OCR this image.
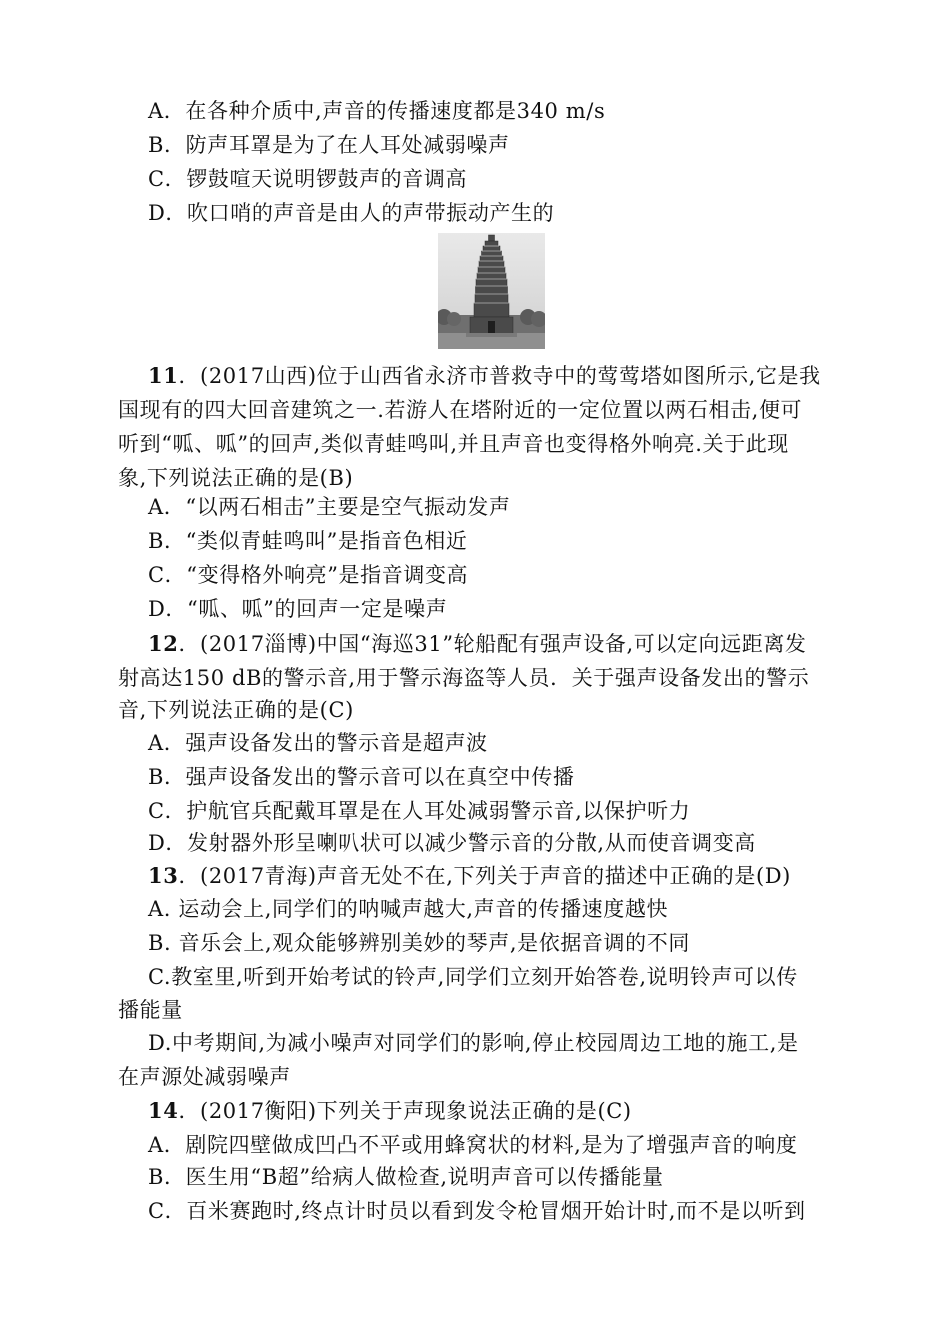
A．在各种介质中,声音的传播速度都是340 m/s
B．防声耳罩是为了在人耳处减弱噪声
C．锣鼓喧天说明锣鼓声的音调高
D．吹口哨的声音是由人的声带振动产生的
11．(2017山西)位于山西省永济市普救寺中的莺莺塔如图所示,它是我
国现有的四大回音建筑之一.若游人在塔附近的一定位置以两石相击,便可
听到“呱、呱”的回声,类似青蛙鸣叫,并且声音也变得格外响亮.关于此现
象,下列说法正确的是(B)
A．“以两石相击”主要是空气振动发声
B．“类似青蛙鸣叫”是指音色相近
C．“变得格外响亮”是指音调变高
D．“呱、呱”的回声一定是噪声
12．(2017淄博)中国“海巡31”轮船配有强声设备,可以定向远距离发
射高达150 dB的警示音,用于警示海盗等人员．关于强声设备发出的警示
音,下列说法正确的是(C)
A．强声设备发出的警示音是超声波
B．强声设备发出的警示音可以在真空中传播
C．护航官兵配戴耳罩是在人耳处减弱警示音,以保护听力
D．发射器外形呈喇叭状可以减少警示音的分散,从而使音调变高
13．(2017青海)声音无处不在,下列关于声音的描述中正确的是(D)
A. 运动会上,同学们的呐喊声越大,声音的传播速度越快
B. 音乐会上,观众能够辨别美妙的琴声,是依据音调的不同
C.教室里,听到开始考试的铃声,同学们立刻开始答卷,说明铃声可以传
播能量
D.中考期间,为减小噪声对同学们的影响,停止校园周边工地的施工,是
在声源处减弱噪声
14．(2017衡阳)下列关于声现象说法正确的是(C)
A．剧院四壁做成凹凸不平或用蜂窝状的材料,是为了增强声音的响度
B．医生用“B超”给病人做检查,说明声音可以传播能量
C．百米赛跑时,终点计时员以看到发令枪冒烟开始计时,而不是以听到
